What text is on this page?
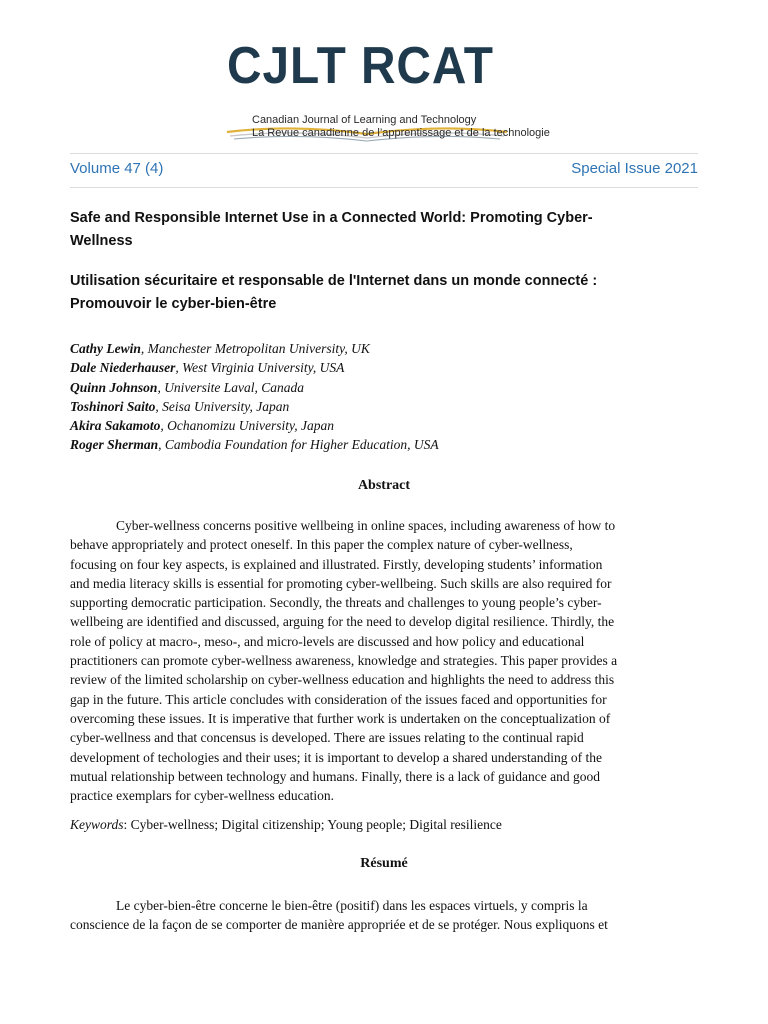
CJLT RCAT
Canadian Journal of Learning and Technology
La Revue canadienne de l’apprentissage et de la technologie
Volume 47 (4)	Special Issue 2021
Safe and Responsible Internet Use in a Connected World: Promoting Cyber-
Wellness
Utilisation sécuritaire et responsable de l'Internet dans un monde connecté :
Promouvoir le cyber-bien-être
Cathy Lewin, Manchester Metropolitan University, UK
Dale Niederhauser, West Virginia University, USA
Quinn Johnson, Universite Laval, Canada
Toshinori Saito, Seisa University, Japan
Akira Sakamoto, Ochanomizu University, Japan
Roger Sherman, Cambodia Foundation for Higher Education, USA
Abstract
Cyber-wellness concerns positive wellbeing in online spaces, including awareness of how to
behave appropriately and protect oneself. In this paper the complex nature of cyber-wellness,
focusing on four key aspects, is explained and illustrated. Firstly, developing students’ information
and media literacy skills is essential for promoting cyber-wellbeing. Such skills are also required for
supporting democratic participation. Secondly, the threats and challenges to young people’s cyber-
wellbeing are identified and discussed, arguing for the need to develop digital resilience. Thirdly, the
role of policy at macro-, meso-, and micro-levels are discussed and how policy and educational
practitioners can promote cyber-wellness awareness, knowledge and strategies. This paper provides a
review of the limited scholarship on cyber-wellness education and highlights the need to address this
gap in the future. This article concludes with consideration of the issues faced and opportunities for
overcoming these issues. It is imperative that further work is undertaken on the conceptualization of
cyber-wellness and that concensus is developed. There are issues relating to the continual rapid
development of techologies and their uses; it is important to develop a shared understanding of the
mutual relationship between technology and humans. Finally, there is a lack of guidance and good
practice exemplars for cyber-wellness education.
Keywords: Cyber-wellness; Digital citizenship; Young people; Digital resilience
Résumé
Le cyber-bien-être concerne le bien-être (positif) dans les espaces virtuels, y compris la
conscience de la façon de se comporter de manière appropriée et de se protéger. Nous expliquons et
